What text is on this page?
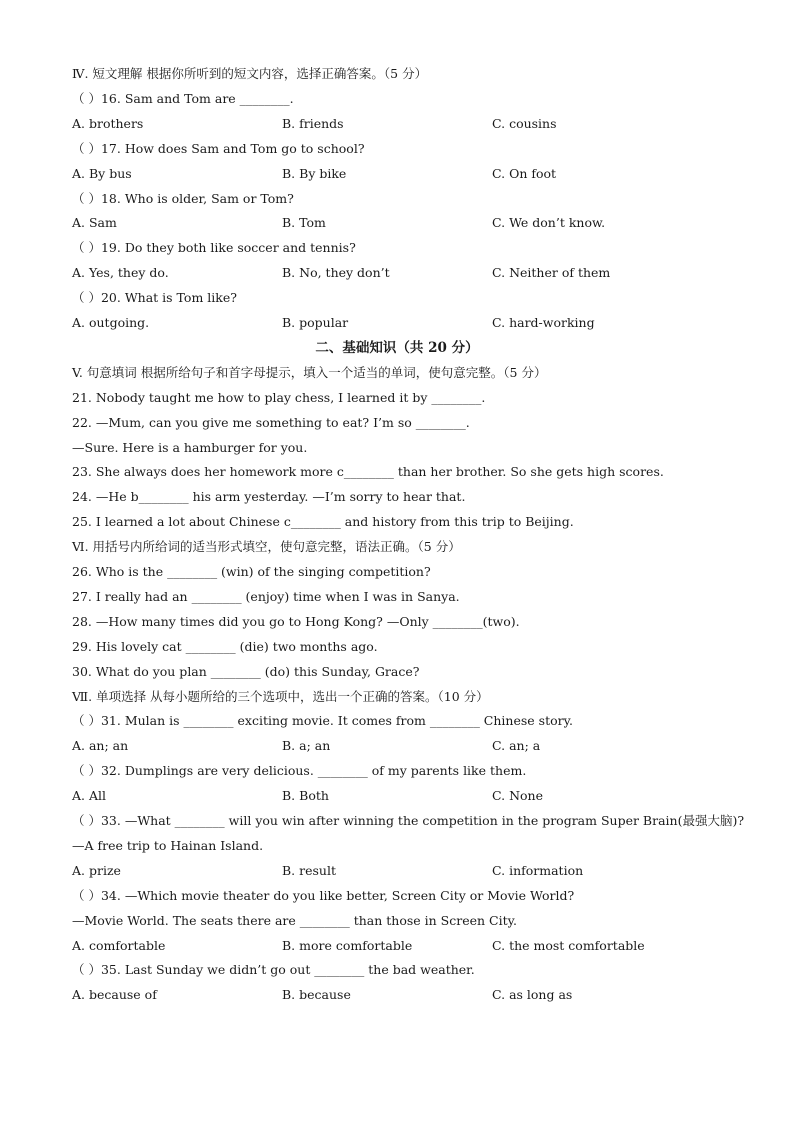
Ⅳ. 短文理解 根据你所听到的短文内容，选择正确答案。（5 分）
（ ）16. Sam and Tom are ________.
（ ）17. How does Sam and Tom go to school?
（ ）18. Who is older, Sam or Tom?
（ ）19. Do they both like soccer and tennis?
（ ）20. What is Tom like?
二、基础知识（共 20 分）
V. 句意填词 根据所给句子和首字母提示，填入一个适当的单词，使句意完整。（5 分）
21. Nobody taught me how to play chess, I learned it by ________.
22. —Mum, can you give me something to eat? I’m so ________.
—Sure. Here is a hamburger for you.
23. She always does her homework more c________ than her brother. So she gets high scores.
24. —He b________ his arm yesterday. —I’m sorry to hear that.
25. I learned a lot about Chinese c________ and history from this trip to Beijing.
Ⅵ. 用括号内所给词的适当形式填空，使句意完整，语法正确。（5 分）
26. Who is the ________ (win) of the singing competition?
27. I really had an ________ (enjoy) time when I was in Sanya.
28. —How many times did you go to Hong Kong? —Only ________(two).
29. His lovely cat ________ (die) two months ago.
30. What do you plan ________ (do) this Sunday, Grace?
Ⅶ. 单项选择 从每小题所给的三个选项中，选出一个正确的答案。（10 分）
（ ）31. Mulan is ________ exciting movie. It comes from ________ Chinese story.
（ ）32. Dumplings are very delicious. ________ of my parents like them.
（ ）33. —What ________ will you win after winning the competition in the program Super Brain(最强大脑)?
—A free trip to Hainan Island.
（ ）34. —Which movie theater do you like better, Screen City or Movie World?
—Movie World. The seats there are ________ than those in Screen City.
（ ）35. Last Sunday we didn’t go out ________ the bad weather.
A. brothers	B. friends	C. cousins
A. By bus	B. By bike	C. On foot
A. Sam	B. Tom	C. We don’t know.
A. Yes, they do.	B. No, they don’t	C. Neither of them
A. outgoing.	B. popular	C. hard-working
A. an; an	B. a; an	C. an; a
A. All	B. Both	C. None
A. prize	B. result	C. information
A. comfortable	B. more comfortable	C. the most comfortable
A. because of	B. because	C. as long as
